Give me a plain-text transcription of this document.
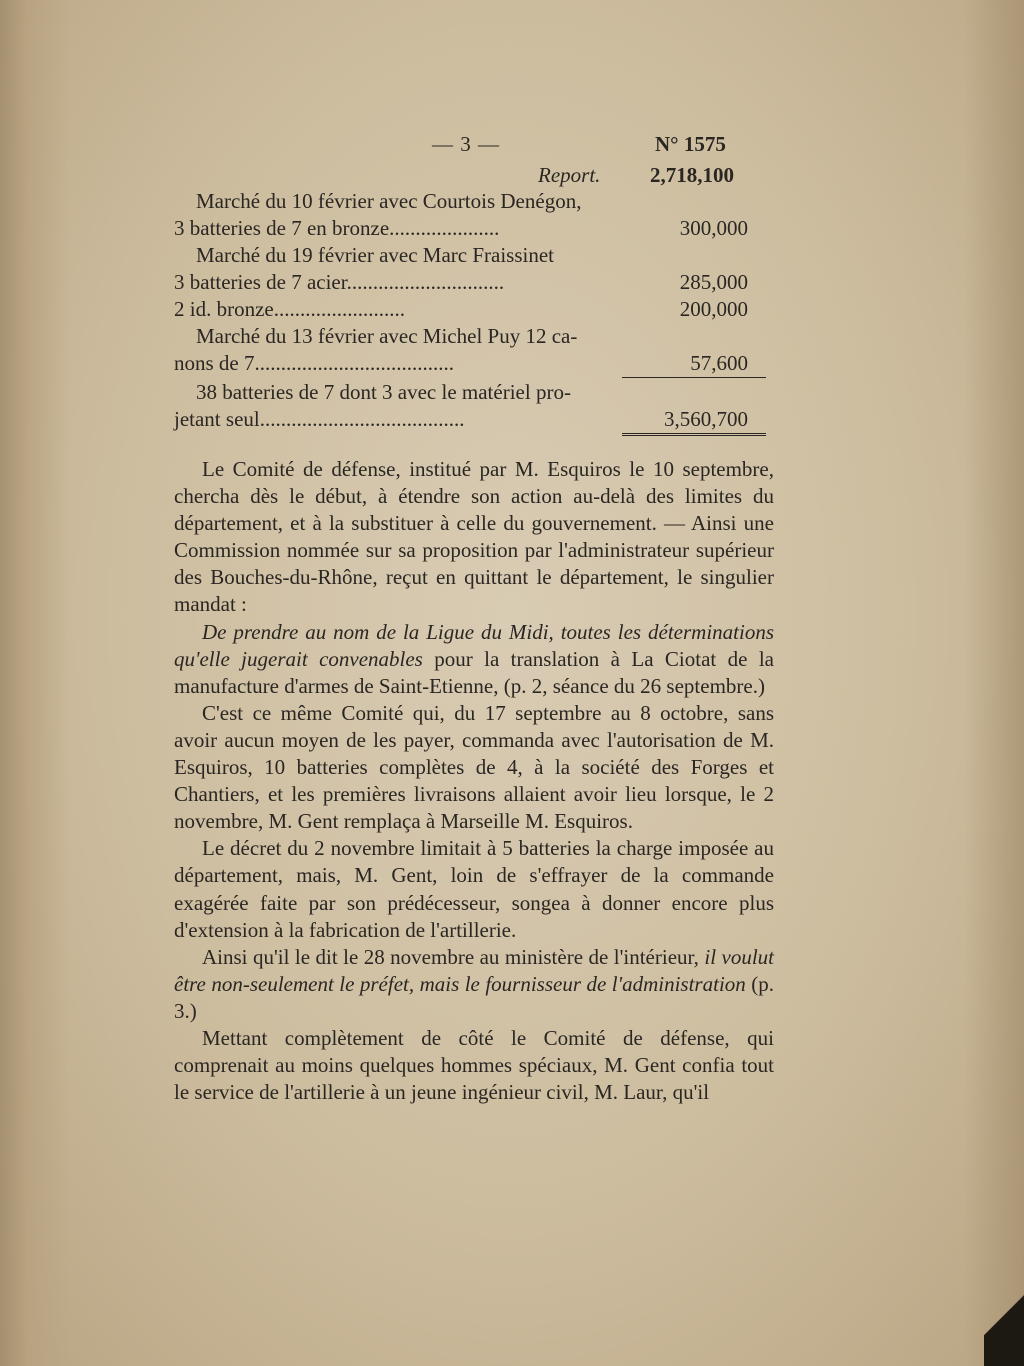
— 3 —	N° 1575
Report. 2,718,100
Marché du 10 février avec Courtois Denégon,
3 batteries de 7 en bronze.....................	300,000
Marché du 19 février avec Marc Fraissinet
3 batteries de 7 acier..............................	285,000
2 id. bronze.........................	200,000
Marché du 13 février avec Michel Puy 12 ca-
nons de 7......................................	57,600
38 batteries de 7 dont 3 avec le matériel pro-
jetant seul.......................................	3,560,700

Le Comité de défense, institué par M. Esquiros le 10 septembre, chercha dès le début, à étendre son action au-delà des limites du département, et à la substituer à celle du gouvernement. — Ainsi une Commission nommée sur sa proposition par l'administrateur supérieur des Bouches-du-Rhône, reçut en quittant le département, le singulier mandat :

De prendre au nom de la Ligue du Midi, toutes les déterminations qu'elle jugerait convenables pour la translation à La Ciotat de la manufacture d'armes de Saint-Etienne, (p. 2, séance du 26 septembre.)

C'est ce même Comité qui, du 17 septembre au 8 octobre, sans avoir aucun moyen de les payer, commanda avec l'autorisation de M. Esquiros, 10 batteries complètes de 4, à la société des Forges et Chantiers, et les premières livraisons allaient avoir lieu lorsque, le 2 novembre, M. Gent remplaça à Marseille M. Esquiros.

Le décret du 2 novembre limitait à 5 batteries la charge imposée au département, mais, M. Gent, loin de s'effrayer de la commande exagérée faite par son prédécesseur, songea à donner encore plus d'extension à la fabrication de l'artillerie.

Ainsi qu'il le dit le 28 novembre au ministère de l'intérieur, il voulut être non-seulement le préfet, mais le fournisseur de l'administration (p. 3.)

Mettant complètement de côté le Comité de défense, qui comprenait au moins quelques hommes spéciaux, M. Gent confia tout le service de l'artillerie à un jeune ingénieur civil, M. Laur, qu'il
